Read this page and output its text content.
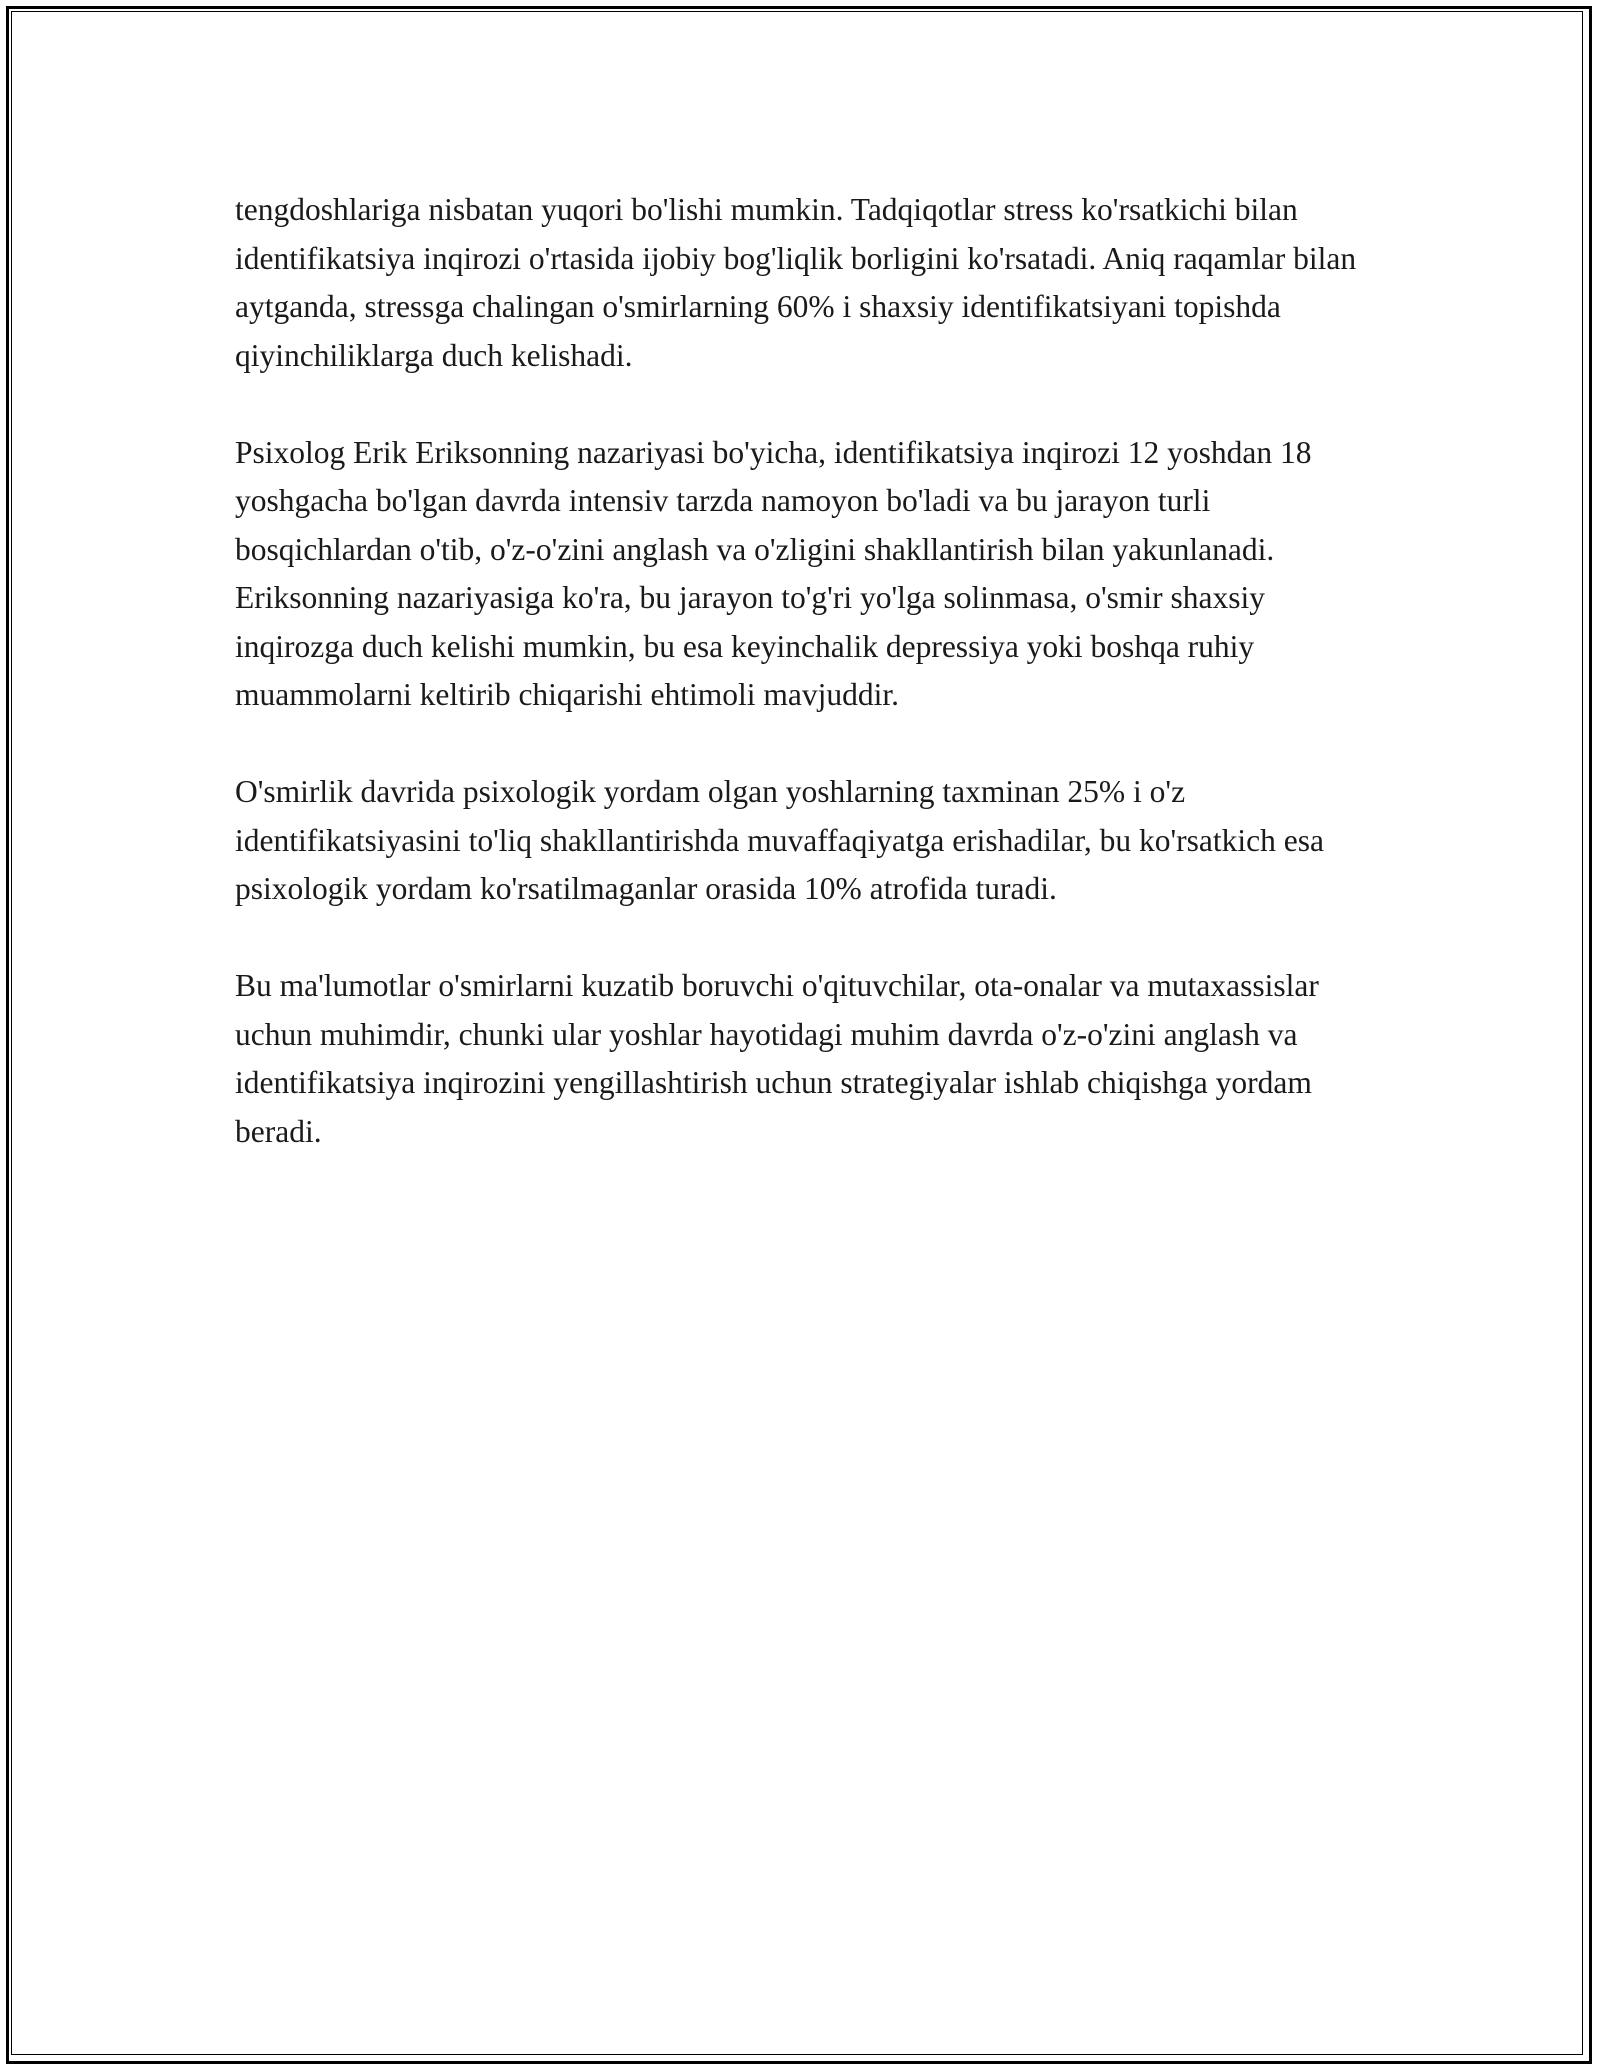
tengdoshlariga nisbatan yuqori bo'lishi mumkin. Tadqiqotlar stress ko'rsatkichi bilan identifikatsiya inqirozi o'rtasida ijobiy bog'liqlik borligini ko'rsatadi. Aniq raqamlar bilan aytganda, stressga chalingan o'smirlarning 60% i shaxsiy identifikatsiyani topishda qiyinchiliklarga duch kelishadi.

Psixolog Erik Eriksonning nazariyasi bo'yicha, identifikatsiya inqirozi 12 yoshdan 18 yoshgacha bo'lgan davrda intensiv tarzda namoyon bo'ladi va bu jarayon turli bosqichlardan o'tib, o'z-o'zini anglash va o'zligini shakllantirish bilan yakunlanadi. Eriksonning nazariyasiga ko'ra, bu jarayon to'g'ri yo'lga solinmasa, o'smir shaxsiy inqirozga duch kelishi mumkin, bu esa keyinchalik depressiya yoki boshqa ruhiy muammolarni keltirib chiqarishi ehtimoli mavjuddir.

O'smirlik davrida psixologik yordam olgan yoshlarning taxminan 25% i o'z identifikatsiyasini to'liq shakllantirishda muvaffaqiyatga erishadilar, bu ko'rsatkich esa psixologik yordam ko'rsatilmaganlar orasida 10% atrofida turadi.

Bu ma'lumotlar o'smirlarni kuzatib boruvchi o'qituvchilar, ota-onalar va mutaxassislar uchun muhimdir, chunki ular yoshlar hayotidagi muhim davrda o'z-o'zini anglash va identifikatsiya inqirozini yengillashtirish uchun strategiyalar ishlab chiqishga yordam beradi.
